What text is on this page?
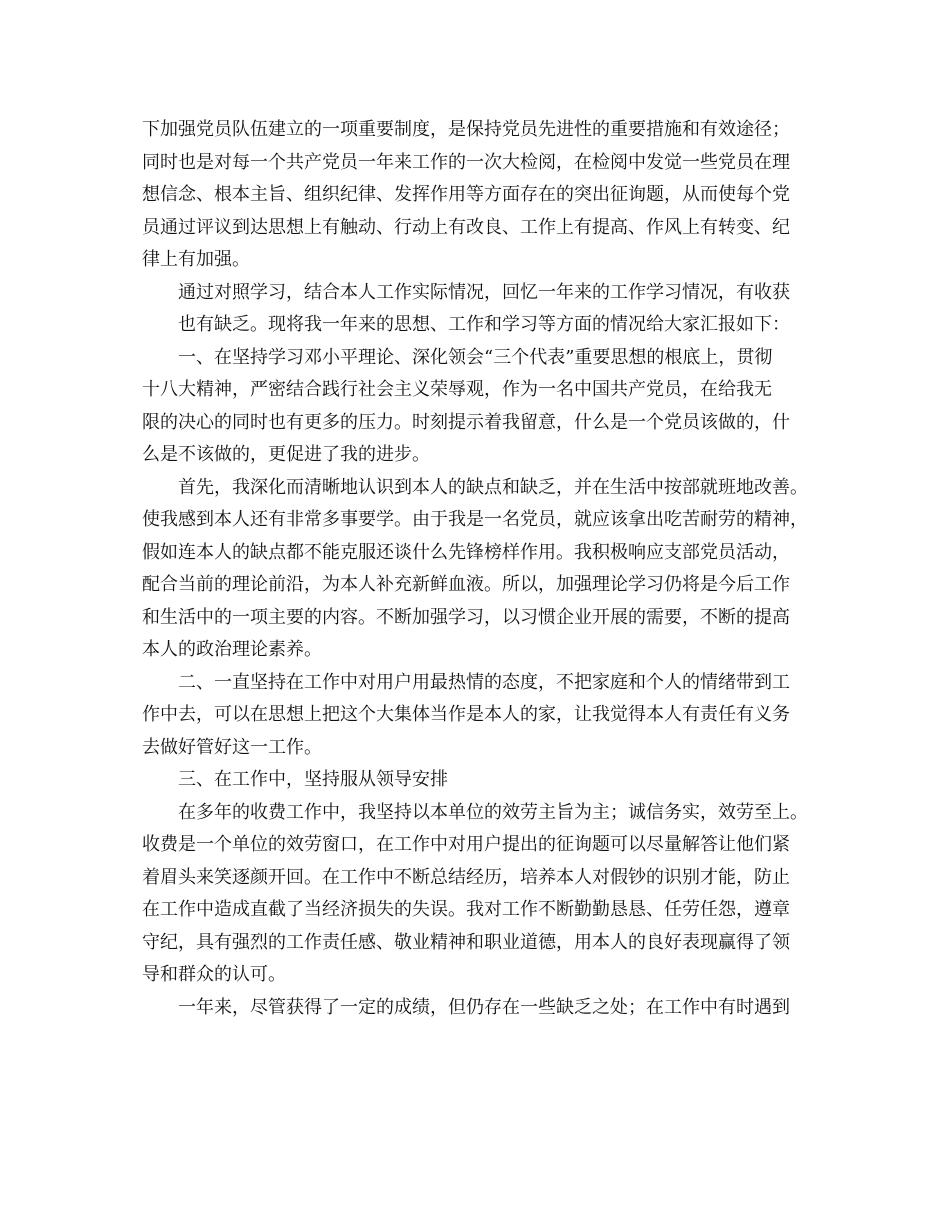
下加强党员队伍建立的一项重要制度，是保持党员先进性的重要措施和有效途径；
同时也是对每一个共产党员一年来工作的一次大检阅，在检阅中发觉一些党员在理
想信念、根本主旨、组织纪律、发挥作用等方面存在的突出征询题，从而使每个党
员通过评议到达思想上有触动、行动上有改良、工作上有提高、作风上有转变、纪
律上有加强。
通过对照学习，结合本人工作实际情况，回忆一年来的工作学习情况，有收获
也有缺乏。现将我一年来的思想、工作和学习等方面的情况给大家汇报如下：
一、在坚持学习邓小平理论、深化领会“三个代表”重要思想的根底上，贯彻
十八大精神，严密结合践行社会主义荣辱观，作为一名中国共产党员，在给我无
限的决心的同时也有更多的压力。时刻提示着我留意，什么是一个党员该做的，什
么是不该做的，更促进了我的进步。
首先，我深化而清晰地认识到本人的缺点和缺乏，并在生活中按部就班地改善。
使我感到本人还有非常多事要学。由于我是一名党员，就应该拿出吃苦耐劳的精神，
假如连本人的缺点都不能克服还谈什么先锋榜样作用。我积极响应支部党员活动，
配合当前的理论前沿，为本人补充新鲜血液。所以，加强理论学习仍将是今后工作
和生活中的一项主要的内容。不断加强学习，以习惯企业开展的需要，不断的提高
本人的政治理论素养。
二、一直坚持在工作中对用户用最热情的态度，不把家庭和个人的情绪带到工
作中去，可以在思想上把这个大集体当作是本人的家，让我觉得本人有责任有义务
去做好管好这一工作。
三、在工作中，坚持服从领导安排
在多年的收费工作中，我坚持以本单位的效劳主旨为主；诚信务实，效劳至上。
收费是一个单位的效劳窗口，在工作中对用户提出的征询题可以尽量解答让他们紧
着眉头来笑逐颜开回。在工作中不断总结经历，培养本人对假钞的识别才能，防止
在工作中造成直截了当经济损失的失误。我对工作不断勤勤恳恳、任劳任怨，遵章
守纪，具有强烈的工作责任感、敬业精神和职业道德，用本人的良好表现赢得了领
导和群众的认可。
一年来，尽管获得了一定的成绩，但仍存在一些缺乏之处；在工作中有时遇到
